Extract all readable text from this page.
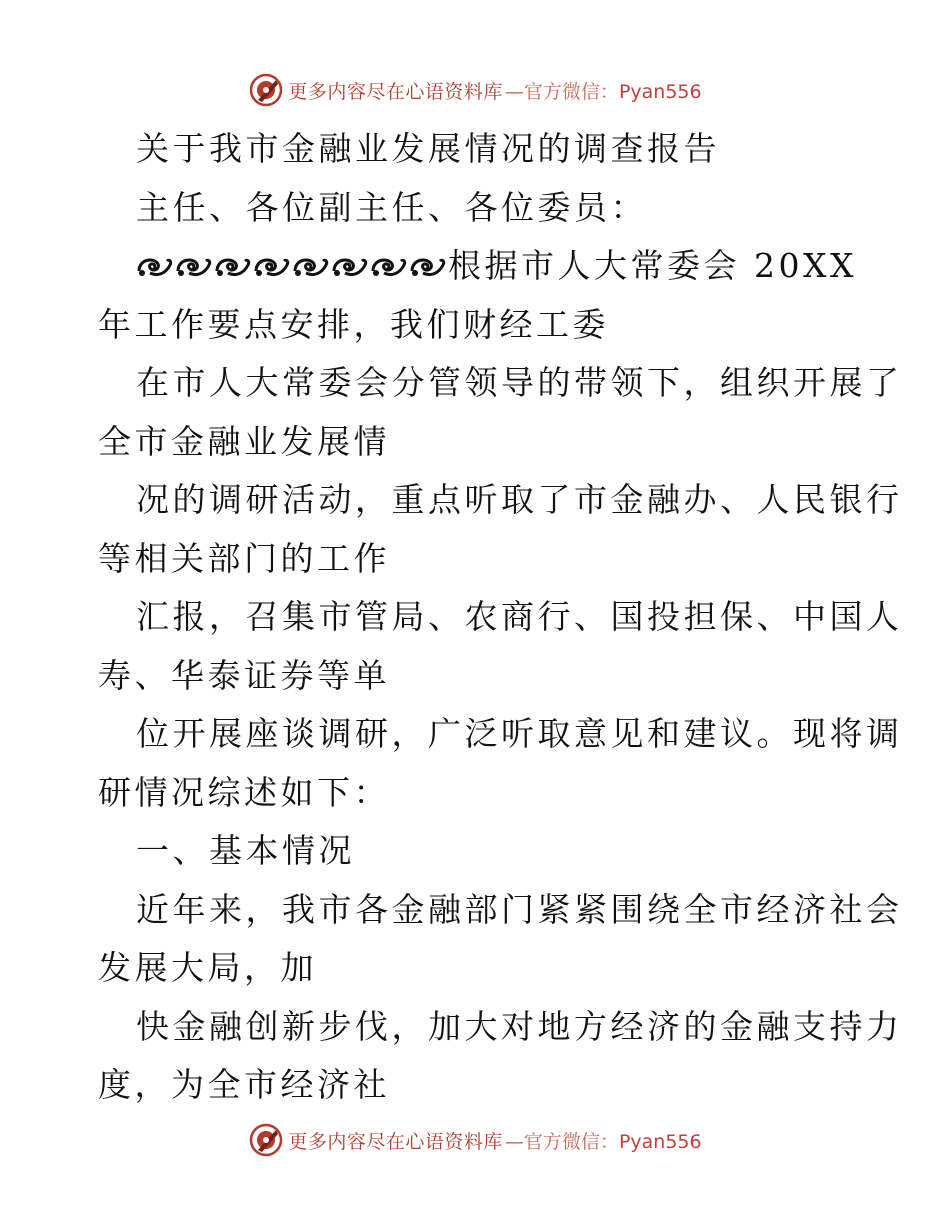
更多内容尽在心语资料库 —官方微信：Pyan556
关于我市金融业发展情况的调查报告
主任、各位副主任、各位委员：
根据市人大常委会 20XX
年工作要点安排，我们财经工委
在市人大常委会分管领导的带领下，组织开展了
全市金融业发展情
况的调研活动，重点听取了市金融办、人民银行
等相关部门的工作
汇报，召集市管局、农商行、国投担保、中国人
寿、华泰证券等单
位开展座谈调研，广泛听取意见和建议。现将调
研情况综述如下：
一、基本情况
近年来，我市各金融部门紧紧围绕全市经济社会
发展大局，加
快金融创新步伐，加大对地方经济的金融支持力
度，为全市经济社
更多内容尽在心语资料库 —官方微信：Pyan556
